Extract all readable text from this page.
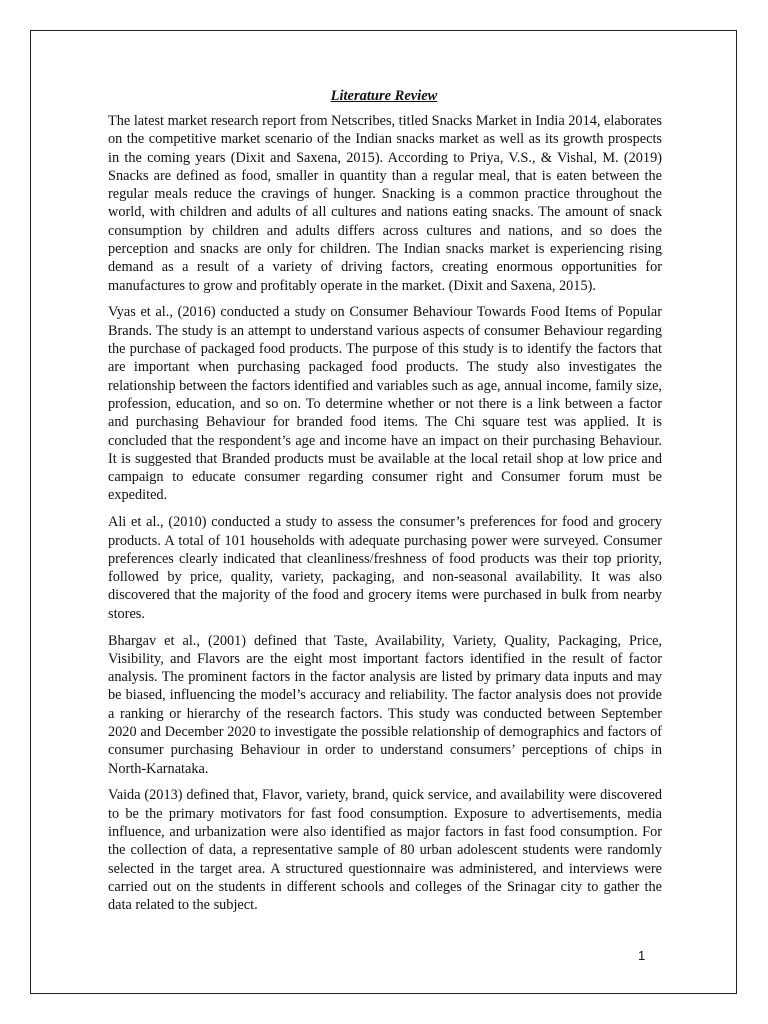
Literature Review

The latest market research report from Netscribes, titled Snacks Market in India 2014, elaborates on the competitive market scenario of the Indian snacks market as well as its growth prospects in the coming years (Dixit and Saxena, 2015). According to Priya, V.S., & Vishal, M. (2019) Snacks are defined as food, smaller in quantity than a regular meal, that is eaten between the regular meals reduce the cravings of hunger. Snacking is a common practice throughout the world, with children and adults of all cultures and nations eating snacks. The amount of snack consumption by children and adults differs across cultures and nations, and so does the perception and snacks are only for children. The Indian snacks market is experiencing rising demand as a result of a variety of driving factors, creating enormous opportunities for manufactures to grow and profitably operate in the market. (Dixit and Saxena, 2015).

Vyas et al., (2016) conducted a study on Consumer Behaviour Towards Food Items of Popular Brands. The study is an attempt to understand various aspects of consumer Behaviour regarding the purchase of packaged food products. The purpose of this study is to identify the factors that are important when purchasing packaged food products. The study also investigates the relationship between the factors identified and variables such as age, annual income, family size, profession, education, and so on. To determine whether or not there is a link between a factor and purchasing Behaviour for branded food items. The Chi square test was applied. It is concluded that the respondent’s age and income have an impact on their purchasing Behaviour. It is suggested that Branded products must be available at the local retail shop at low price and campaign to educate consumer regarding consumer right and Consumer forum must be expedited.

Ali et al., (2010) conducted a study to assess the consumer’s preferences for food and grocery products. A total of 101 households with adequate purchasing power were surveyed. Consumer preferences clearly indicated that cleanliness/freshness of food products was their top priority, followed by price, quality, variety, packaging, and non-seasonal availability. It was also discovered that the majority of the food and grocery items were purchased in bulk from nearby stores.

Bhargav et al., (2001) defined that Taste, Availability, Variety, Quality, Packaging, Price, Visibility, and Flavors are the eight most important factors identified in the result of factor analysis. The prominent factors in the factor analysis are listed by primary data inputs and may be biased, influencing the model’s accuracy and reliability. The factor analysis does not provide a ranking or hierarchy of the research factors. This study was conducted between September 2020 and December 2020 to investigate the possible relationship of demographics and factors of consumer purchasing Behaviour in order to understand consumers’ perceptions of chips in North-Karnataka.

Vaida (2013) defined that, Flavor, variety, brand, quick service, and availability were discovered to be the primary motivators for fast food consumption. Exposure to advertisements, media influence, and urbanization were also identified as major factors in fast food consumption. For the collection of data, a representative sample of 80 urban adolescent students were randomly selected in the target area. A structured questionnaire was administered, and interviews were carried out on the students in different schools and colleges of the Srinagar city to gather the data related to the subject.

1
